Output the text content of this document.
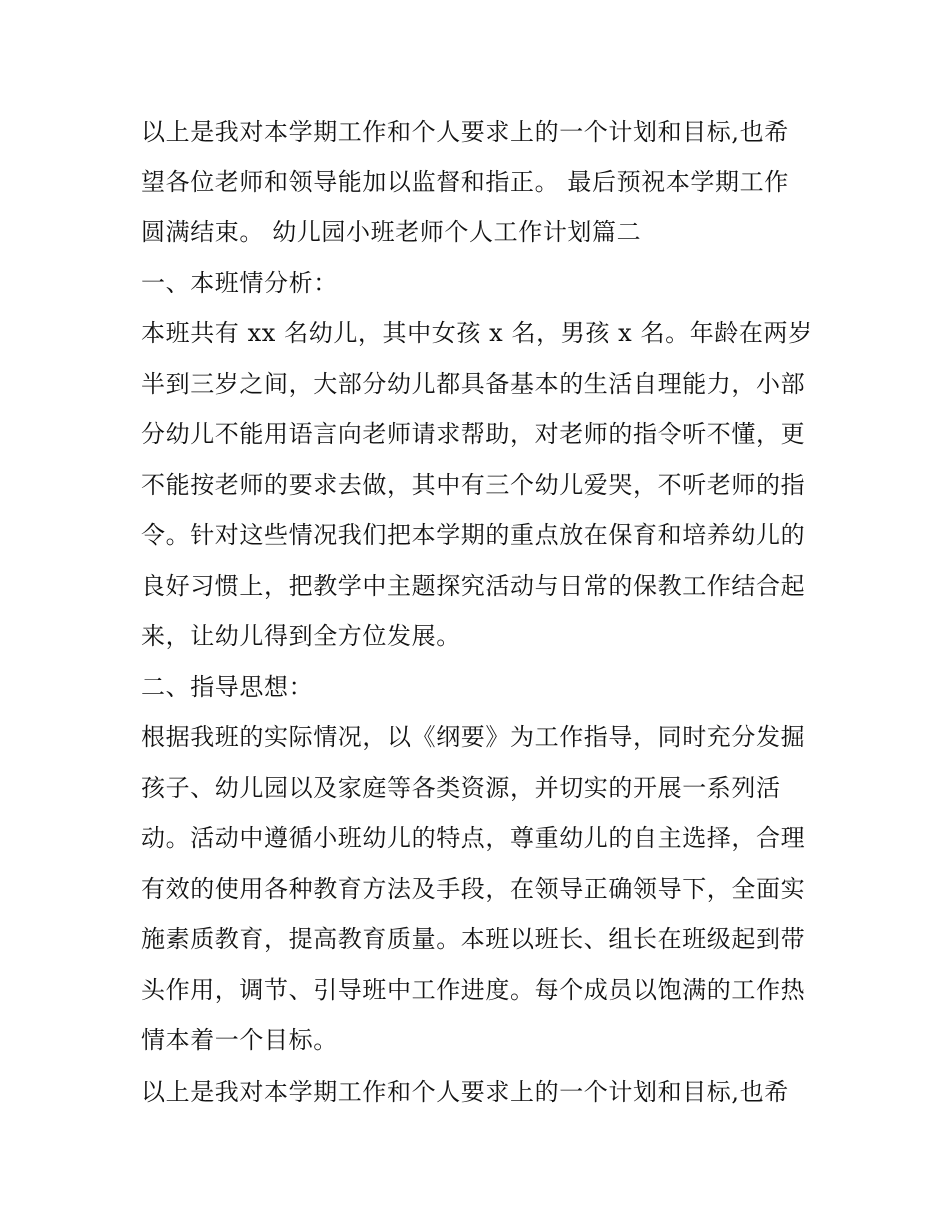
以上是我对本学期工作和个人要求上的一个计划和目标,也希
望各位老师和领导能加以监督和指正。 最后预祝本学期工作
圆满结束。 幼儿园小班老师个人工作计划篇二
一、本班情分析：
本班共有 xx 名幼儿，其中女孩 x 名，男孩 x 名。年龄在两岁
半到三岁之间，大部分幼儿都具备基本的生活自理能力，小部
分幼儿不能用语言向老师请求帮助，对老师的指令听不懂，更
不能按老师的要求去做，其中有三个幼儿爱哭，不听老师的指
令。针对这些情况我们把本学期的重点放在保育和培养幼儿的
良好习惯上，把教学中主题探究活动与日常的保教工作结合起
来，让幼儿得到全方位发展。
二、指导思想：
根据我班的实际情况，以《纲要》为工作指导，同时充分发掘
孩子、幼儿园以及家庭等各类资源，并切实的开展一系列活
动。活动中遵循小班幼儿的特点，尊重幼儿的自主选择，合理
有效的使用各种教育方法及手段，在领导正确领导下，全面实
施素质教育，提高教育质量。本班以班长、组长在班级起到带
头作用，调节、引导班中工作进度。每个成员以饱满的工作热
情本着一个目标。
以上是我对本学期工作和个人要求上的一个计划和目标,也希
